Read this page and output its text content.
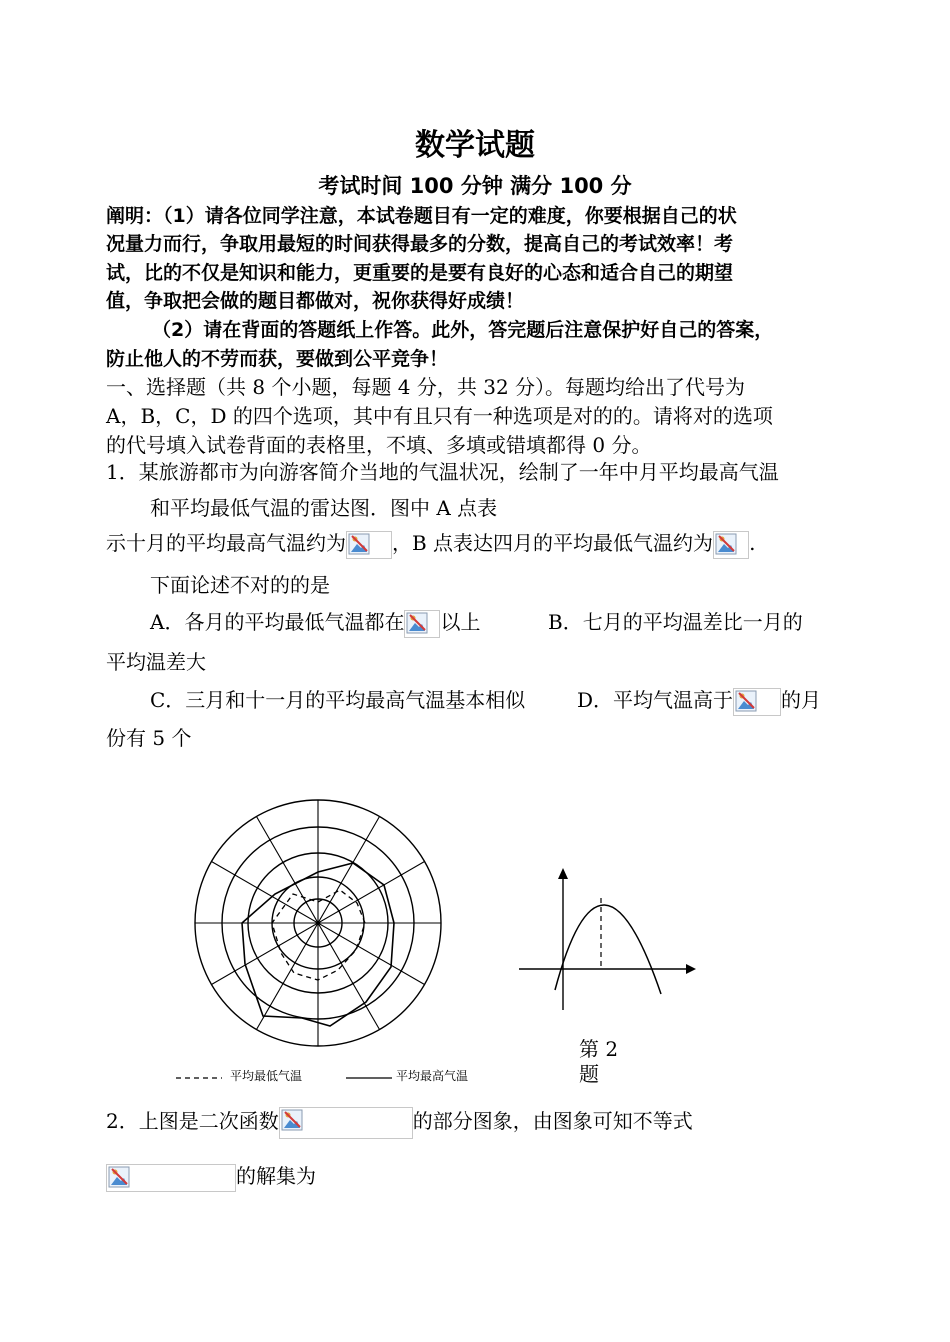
数学试题
考试时间 100 分钟 满分 100 分
阐明：（1）请各位同学注意，本试卷题目有一定的难度，你要根据自己的状
况量力而行，争取用最短的时间获得最多的分数，提高自己的考试效率！考
试，比的不仅是知识和能力，更重要的是要有良好的心态和适合自己的期望
值，争取把会做的题目都做对，祝你获得好成绩！
（2）请在背面的答题纸上作答。此外，答完题后注意保护好自己的答案，
防止他人的不劳而获，要做到公平竞争！
一、选择题（共 8 个小题，每题 4 分，共 32 分）。每题均给出了代号为
A，B，C，D 的四个选项，其中有且只有一种选项是对的的。请将对的选项
的代号填入试卷背面的表格里，不填、多填或错填都得 0 分。
1．某旅游都市为向游客简介当地的气温状况，绘制了一年中月平均最高气温
和平均最低气温的雷达图．图中 A 点表
示十月的平均最高气温约为 ，B 点表达四月的平均最低气温约为 .
下面论述不对的的是
A．各月的平均最低气温都在 以上	B．七月的平均温差比一月的
平均温差大
C．三月和十一月的平均最高气温基本相似	D．平均气温高于 的月
份有 5 个
平均最低气温	平均最高气温
第 2 题
2．上图是二次函数	的部分图象，由图象可知不等式
的解集为
